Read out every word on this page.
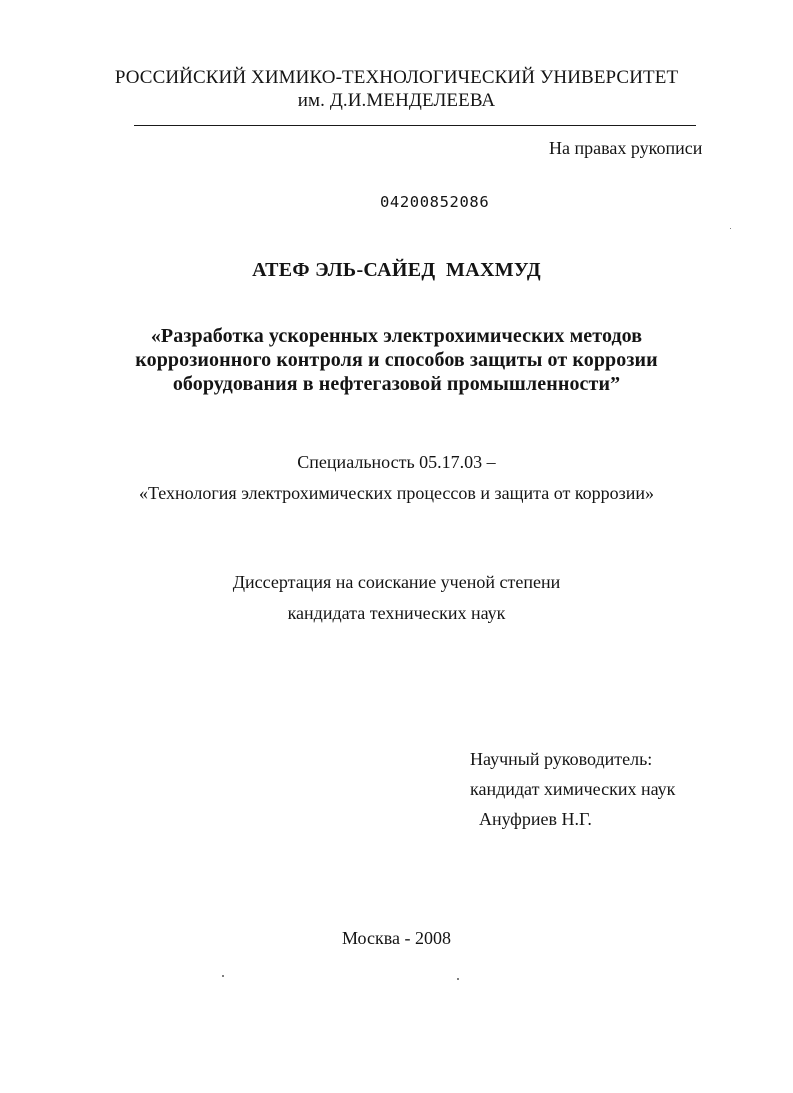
РОССИЙСКИЙ ХИМИКО-ТЕХНОЛОГИЧЕСКИЙ УНИВЕРСИТЕТ
им. Д.И.МЕНДЕЛЕЕВА
На правах рукописи
04200852086
АТЕФ ЭЛЬ-САЙЕД  МАХМУД
«Разработка ускоренных электрохимических методов
коррозионного контроля и способов защиты от коррозии
оборудования в нефтегазовой промышленности”
Специальность 05.17.03 –
«Технология электрохимических процессов и защита от коррозии»
Диссертация на соискание ученой степени
кандидата технических наук
Научный руководитель:
кандидат химических наук
Ануфриев Н.Г.
Москва - 2008
